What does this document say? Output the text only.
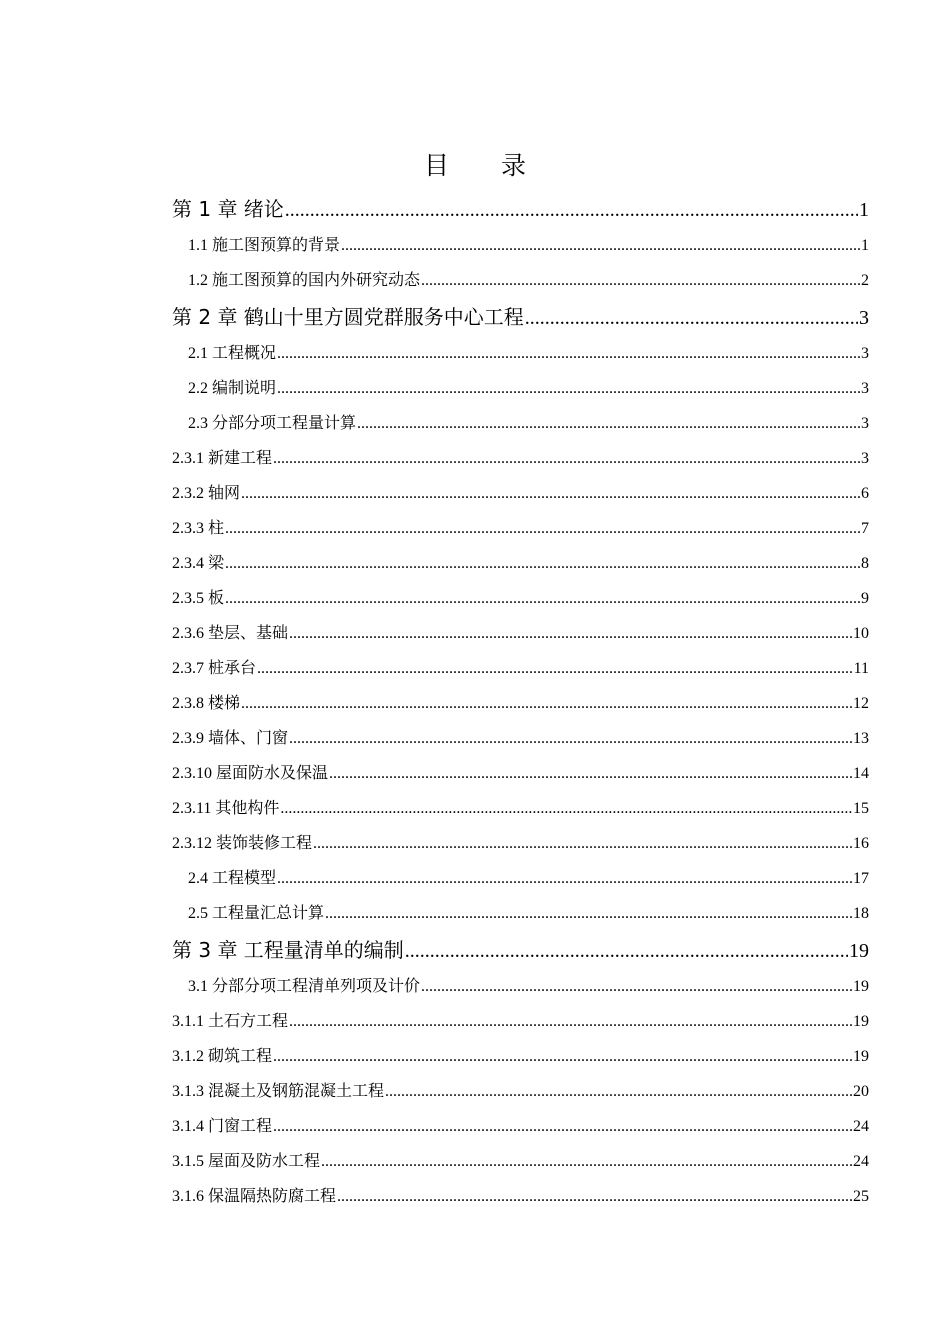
目 录
第 1 章 绪论 .....	1
1.1 施工图预算的背景 .....	1
1.2 施工图预算的国内外研究动态 .....	2
第 2 章 鹤山十里方圆党群服务中心工程 .....	3
2.1 工程概况 .....	3
2.2 编制说明 .....	3
2.3 分部分项工程量计算 .....	3
2.3.1 新建工程 .....	3
2.3.2 轴网 .....	6
2.3.3 柱 .....	7
2.3.4 梁 .....	8
2.3.5 板 .....	9
2.3.6 垫层、基础 .....	10
2.3.7 桩承台 .....	11
2.3.8 楼梯 .....	12
2.3.9 墙体、门窗 .....	13
2.3.10 屋面防水及保温 .....	14
2.3.11 其他构件 .....	15
2.3.12 装饰装修工程 .....	16
2.4 工程模型 .....	17
2.5 工程量汇总计算 .....	18
第 3 章 工程量清单的编制 .....	19
3.1 分部分项工程清单列项及计价 .....	19
3.1.1 土石方工程 .....	19
3.1.2 砌筑工程 .....	19
3.1.3 混凝土及钢筋混凝土工程 .....	20
3.1.4 门窗工程 .....	24
3.1.5 屋面及防水工程 .....	24
3.1.6 保温隔热防腐工程 .....	25
